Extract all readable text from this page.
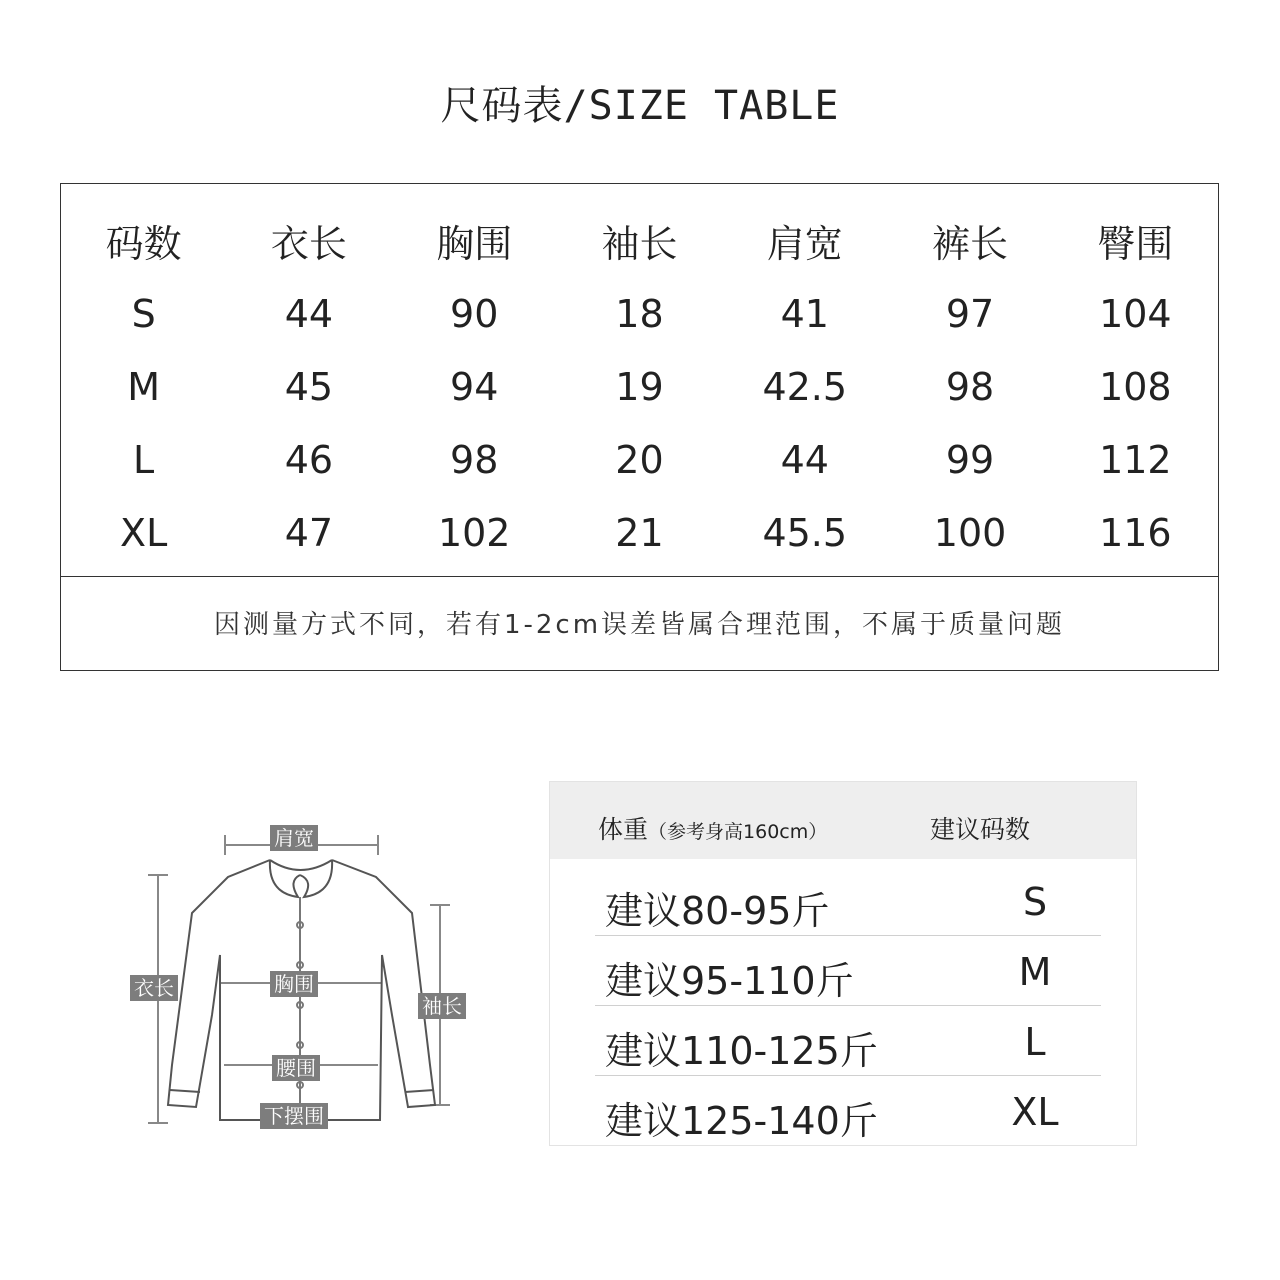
尺码表/SIZE TABLE
码数	衣长	胸围	袖长	肩宽	裤长	臀围
S	44	90	18	41	97	104
M	45	94	19	42.5	98	108
L	46	98	20	44	99	112
XL	47	102	21	45.5	100	116
因测量方式不同，若有1-2cm误差皆属合理范围，不属于质量问题
肩宽
衣长	胸围
袖长
腰围
下摆围
体重（参考身高160cm）	建议码数
建议80-95斤	S
建议95-110斤	M
建议110-125斤	L
建议125-140斤	XL
